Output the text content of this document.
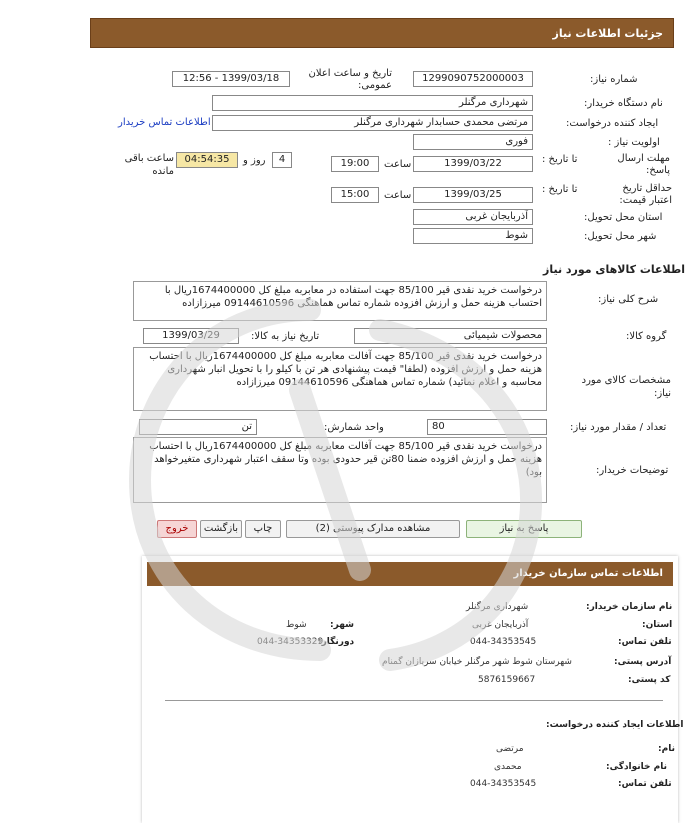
جزئیات اطلاعات نیاز
شماره نیاز:
1299090752000003
تاریخ و ساعت اعلان عمومی:
1399/03/18 - 12:56
نام دستگاه خریدار:
شهرداری مرگنلر
ایجاد کننده درخواست:
مرتضی محمدی حسابدار شهرداری مرگنلر
اطلاعات تماس خریدار
اولویت نیاز :
فوری
مهلت ارسال پاسخ:
تا تاریخ :
1399/03/22
ساعت
19:00
4
روز و
04:54:35
ساعت باقی مانده
حداقل تاریخ اعتبار قیمت:
تا تاریخ :
1399/03/25
ساعت
15:00
استان محل تحویل:
آذربایجان غربی
شهر محل تحویل:
شوط
اطلاعات کالاهای مورد نیاز
شرح کلی نیاز:
درخواست خرید نقدی قیر 85/100 جهت استفاده در معابربه مبلغ کل 1674400000ریال با احتساب هزینه حمل و ارزش افزوده شماره تماس هماهنگی 09144610596 میرزازاده
گروه کالا:
محصولات شیمیائی
تاریخ نیاز به کالا:
1399/03/29
مشخصات کالای مورد نیاز:
درخواست خرید نقدی قیر 85/100 جهت آفالت معابربه مبلغ کل 1674400000ریال با احتساب هزینه حمل و ارزش افزوده (لطفا" قیمت پیشنهادی هر تن با کیلو را با تحویل انبار شهرداری محاسبه و اعلام نمائید) شماره تماس هماهنگی 09144610596 میرزازاده
تعداد / مقدار مورد نیاز:
80
واحد شمارش:
تن
توضیحات خریدار:
درخواست خرید نقدی قیر 85/100 جهت آفالت معابربه مبلغ کل 1674400000ریال با احتساب هزینه حمل و ارزش افزوده ضمنا 80تن قیر حدودی بوده وتا سقف اعتبار شهرداری متغیرخواهد بود)
پاسخ به نیاز
مشاهده مدارک پیوستی (2)
چاپ
بازگشت
خروج
اطلاعات تماس سازمان خریدار
نام سازمان خریدار:
شهرداری مرگنلر
استان:
آذربایجان غربی
شهر:
شوط
تلفن تماس:
044-34353545
دورنگار:
044-34353329
آدرس پستی:
شهرستان شوط شهر مرگنلر خیابان سربازان گمنام
کد پستی:
5876159667
اطلاعات ایجاد کننده درخواست:
نام:
مرتضی
نام خانوادگی:
محمدی
تلفن تماس:
044-34353545
